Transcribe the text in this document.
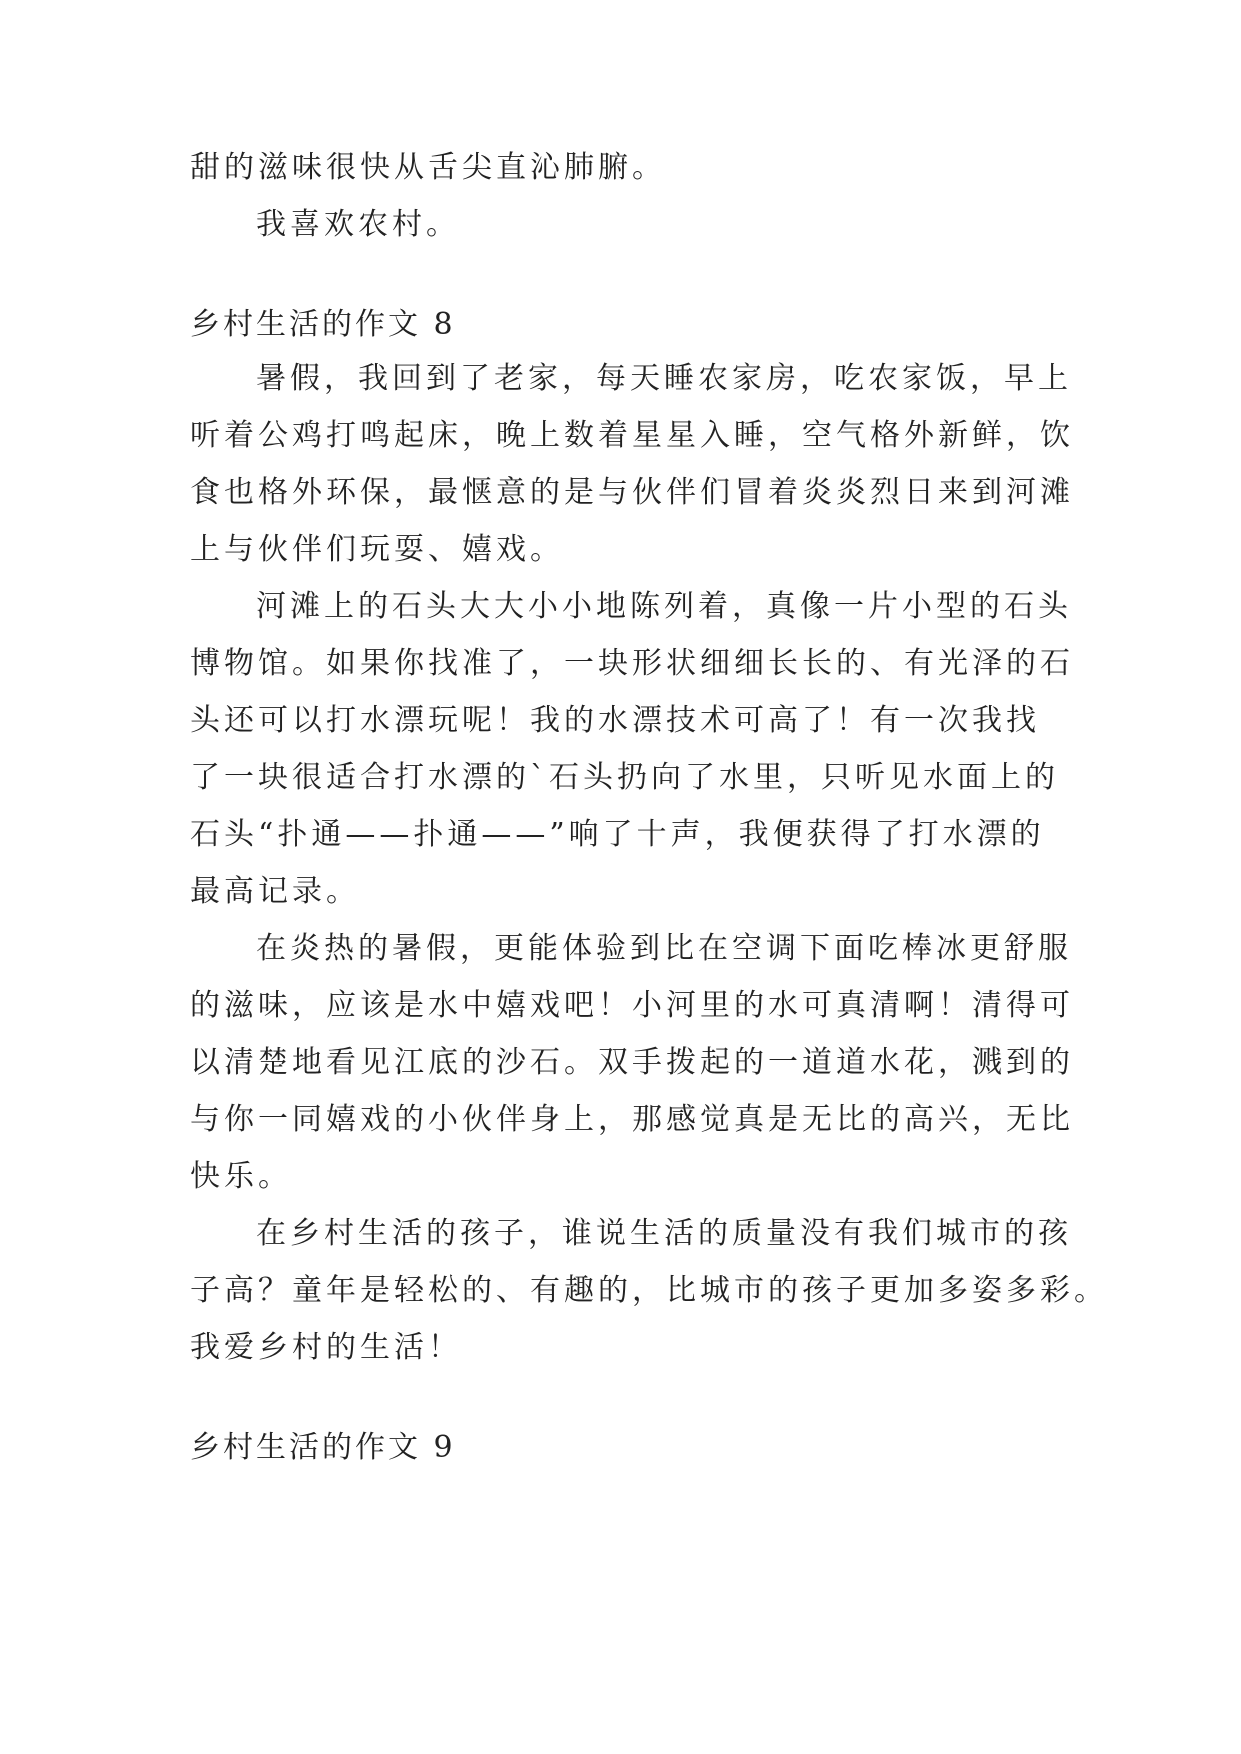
甜的滋味很快从舌尖直沁肺腑。
我喜欢农村。
乡村生活的作文 8
暑假，我回到了老家，每天睡农家房，吃农家饭，早上
听着公鸡打鸣起床，晚上数着星星入睡，空气格外新鲜，饮
食也格外环保，最惬意的是与伙伴们冒着炎炎烈日来到河滩
上与伙伴们玩耍、嬉戏。
河滩上的石头大大小小地陈列着，真像一片小型的石头
博物馆。如果你找准了，一块形状细细长长的、有光泽的石
头还可以打水漂玩呢！我的水漂技术可高了！有一次我找
了一块很适合打水漂的`石头扔向了水里，只听见水面上的
石头“扑通——扑通——”响了十声，我便获得了打水漂的
最高记录。
在炎热的暑假，更能体验到比在空调下面吃棒冰更舒服
的滋味，应该是水中嬉戏吧！小河里的水可真清啊！清得可
以清楚地看见江底的沙石。双手拨起的一道道水花，溅到的
与你一同嬉戏的小伙伴身上，那感觉真是无比的高兴，无比
快乐。
在乡村生活的孩子，谁说生活的质量没有我们城市的孩
子高？童年是轻松的、有趣的，比城市的孩子更加多姿多彩。
我爱乡村的生活！
乡村生活的作文 9
